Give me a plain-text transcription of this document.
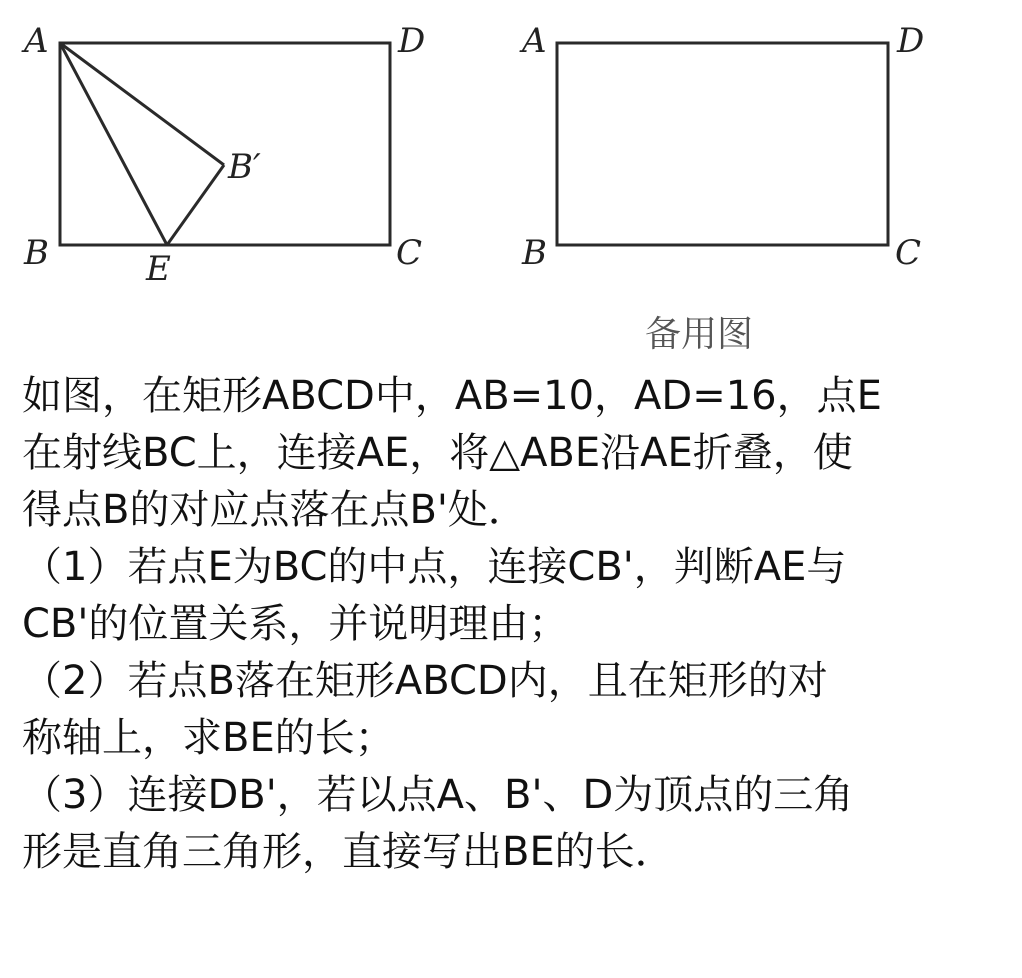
A	D
B′
B	E	C
A	D
B	C
备用图
如图，在矩形ABCD中，AB=10，AD=16，点E
在射线BC上，连接AE，将△ABE沿AE折叠，使
得点B的对应点落在点B'处．
（1）若点E为BC的中点，连接CB'，判断AE与
CB'的位置关系，并说明理由；
（2）若点B落在矩形ABCD内，且在矩形的对
称轴上，求BE的长；
（3）连接DB'，若以点A、B'、D为顶点的三角
形是直角三角形，直接写出BE的长．
